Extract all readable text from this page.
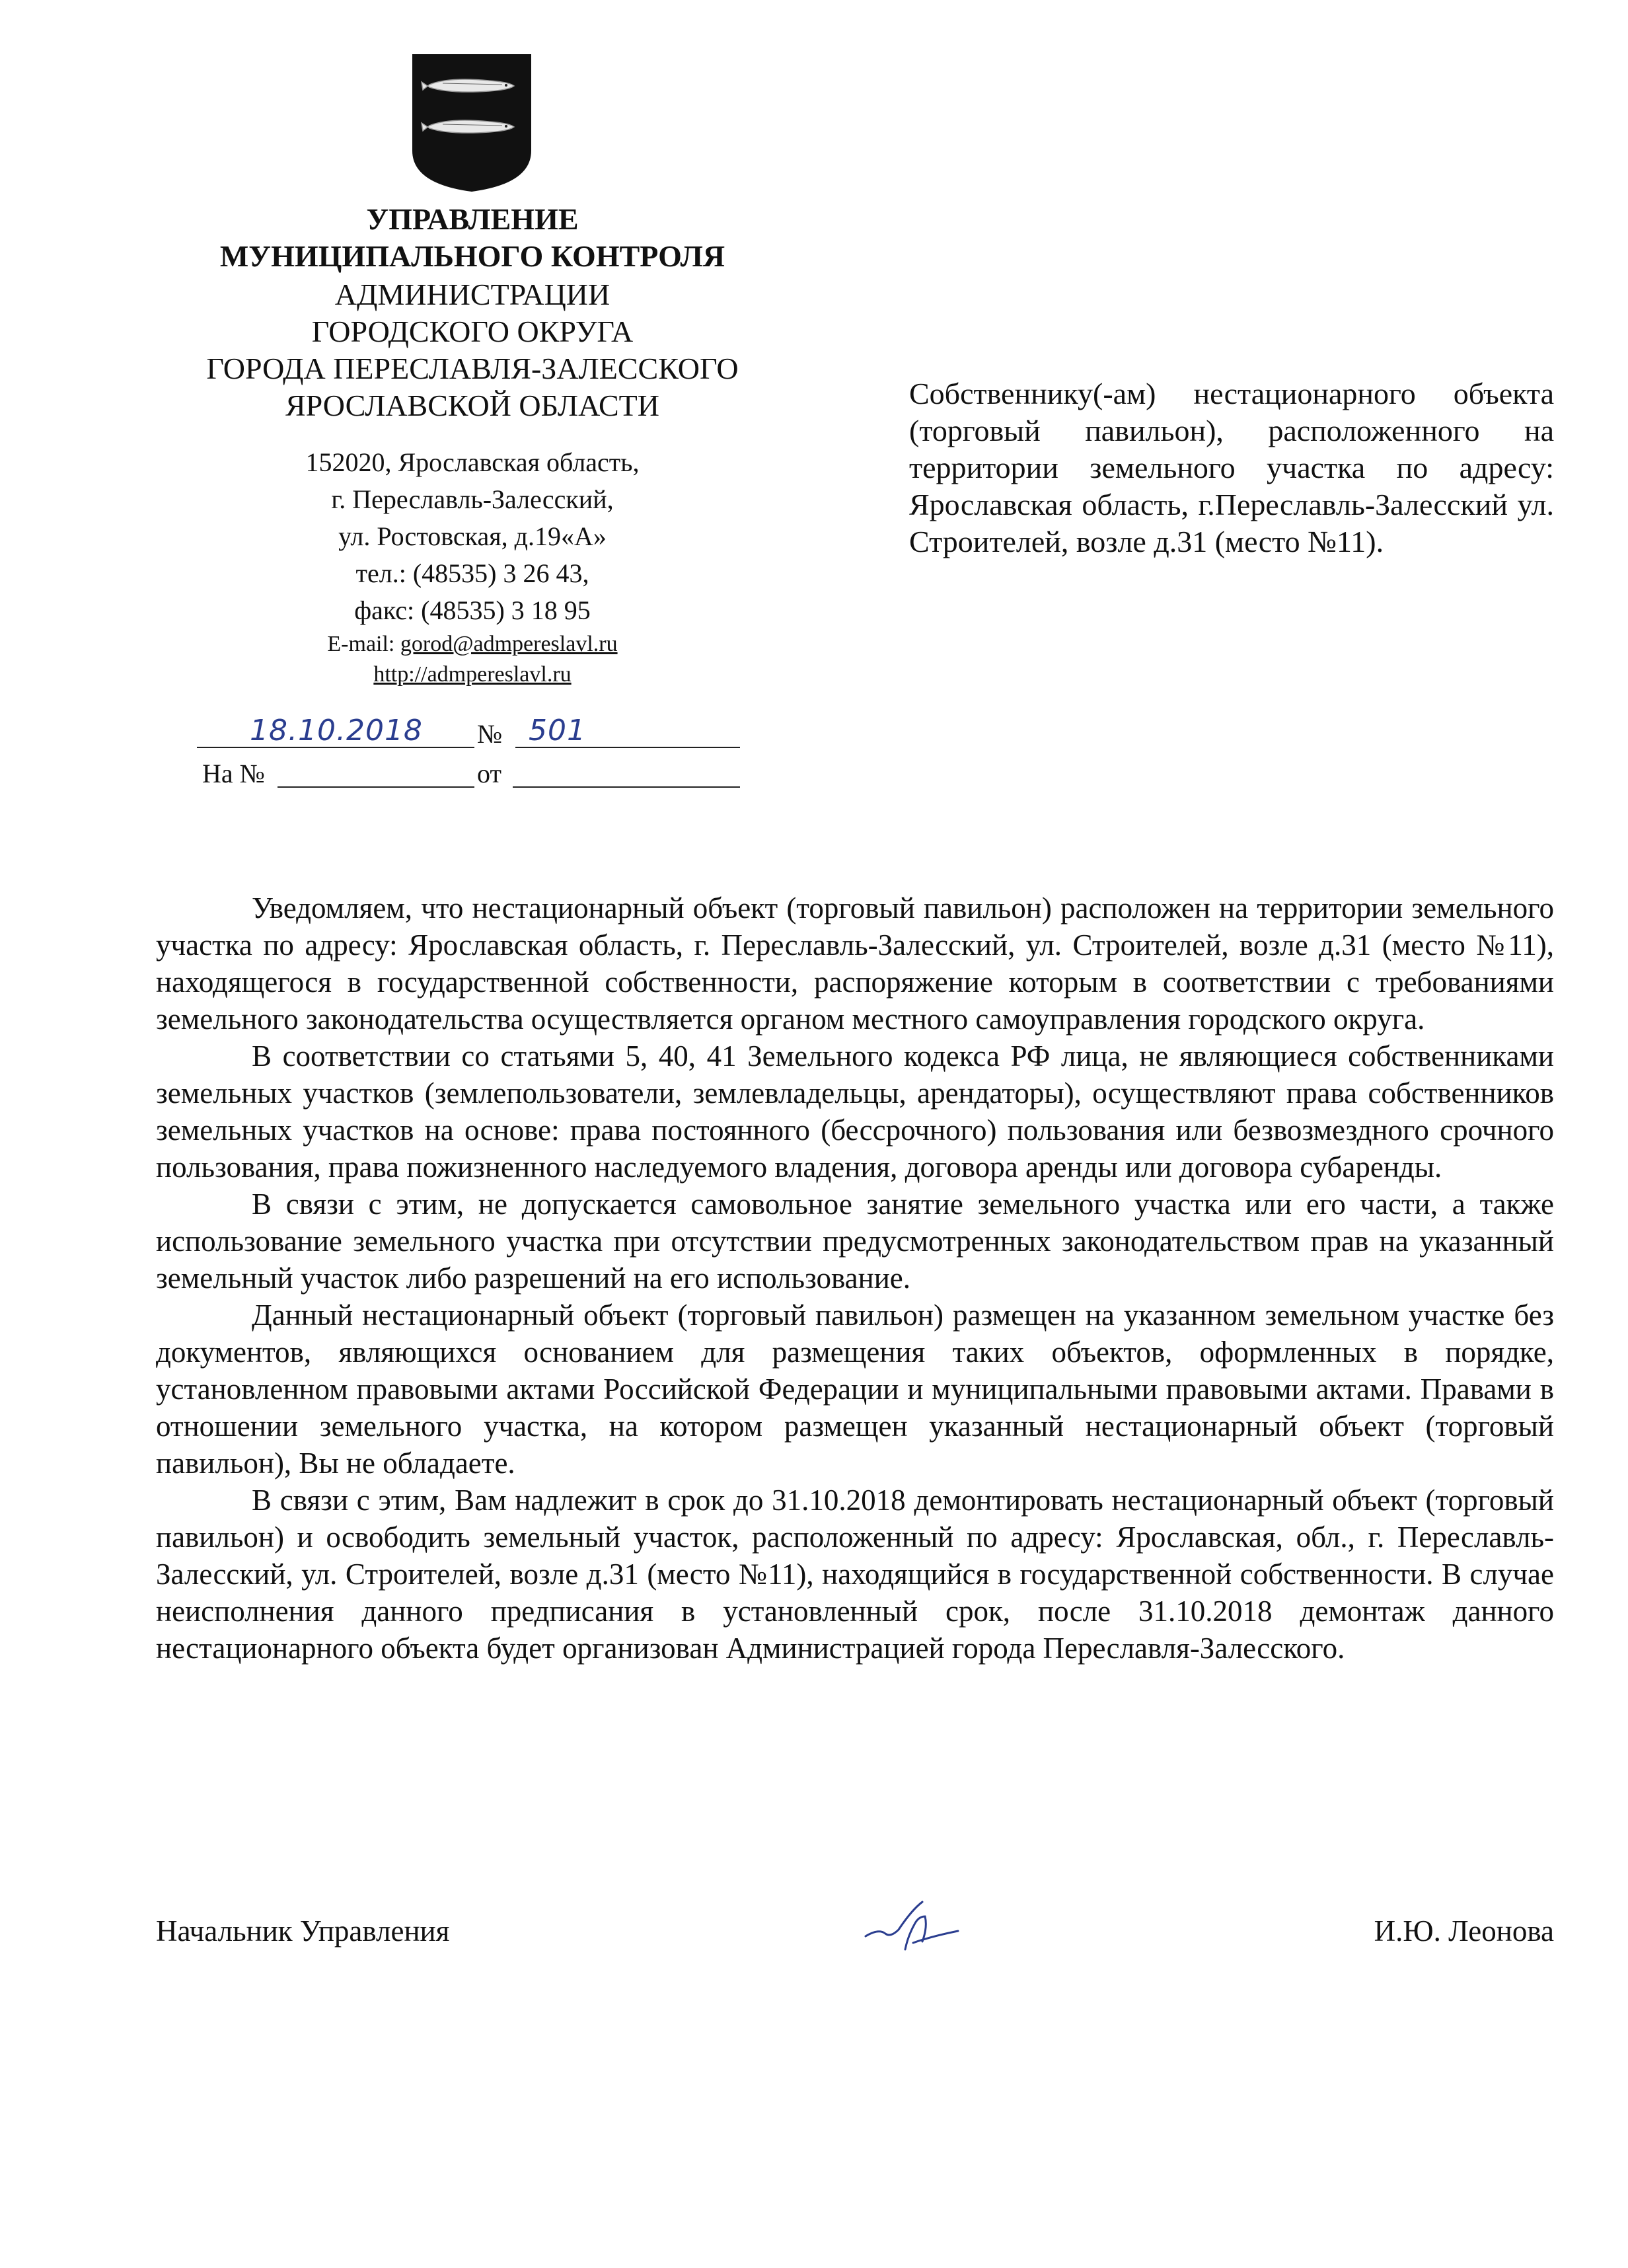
УПРАВЛЕНИЕ
МУНИЦИПАЛЬНОГО КОНТРОЛЯ
АДМИНИСТРАЦИИ
ГОРОДСКОГО ОКРУГА
ГОРОДА ПЕРЕСЛАВЛЯ-ЗАЛЕССКОГО
ЯРОСЛАВСКОЙ ОБЛАСТИ
152020, Ярославская область,
г. Переславль-Залесский,
ул. Ростовская, д.19«А»
тел.: (48535) 3 26 43,
факс: (48535) 3 18 95
E-mail: gorod@admpereslavl.ru
http://admpereslavl.ru
18.10.2018 № 501
На №	от
Собственнику(-ам) нестационарного объекта (торговый павильон), расположенного на территории земельного участка по адресу: Ярославская область, г.Переславль-Залесский ул. Строителей, возле д.31 (место №11).

Уведомляем, что нестационарный объект (торговый павильон) расположен на территории земельного участка по адресу: Ярославская область, г. Переславль-Залесский, ул. Строителей, возле д.31 (место №11), находящегося в государственной собственности, распоряжение которым в соответствии с требованиями земельного законодательства осуществляется органом местного самоуправления городского округа.

В соответствии со статьями 5, 40, 41 Земельного кодекса РФ лица, не являющиеся собственниками земельных участков (землепользователи, землевладельцы, арендаторы), осуществляют права собственников земельных участков на основе: права постоянного (бессрочного) пользования или безвозмездного срочного пользования, права пожизненного наследуемого владения, договора аренды или договора субаренды.

В связи с этим, не допускается самовольное занятие земельного участка или его части, а также использование земельного участка при отсутствии предусмотренных законодательством прав на указанный земельный участок либо разрешений на его использование.

Данный нестационарный объект (торговый павильон) размещен на указанном земельном участке без документов, являющихся основанием для размещения таких объектов, оформленных в порядке, установленном правовыми актами Российской Федерации и муниципальными правовыми актами. Правами в отношении земельного участка, на котором размещен указанный нестационарный объект (торговый павильон), Вы не обладаете.

В связи с этим, Вам надлежит в срок до 31.10.2018 демонтировать нестационарный объект (торговый павильон) и освободить земельный участок, расположенный по адресу: Ярославская, обл., г. Переславль-Залесский, ул. Строителей, возле д.31 (место №11), находящийся в государственной собственности. В случае неисполнения данного предписания в установленный срок, после 31.10.2018 демонтаж данного нестационарного объекта будет организован Администрацией города Переславля-Залесского.

Начальник Управления	И.Ю. Леонова
